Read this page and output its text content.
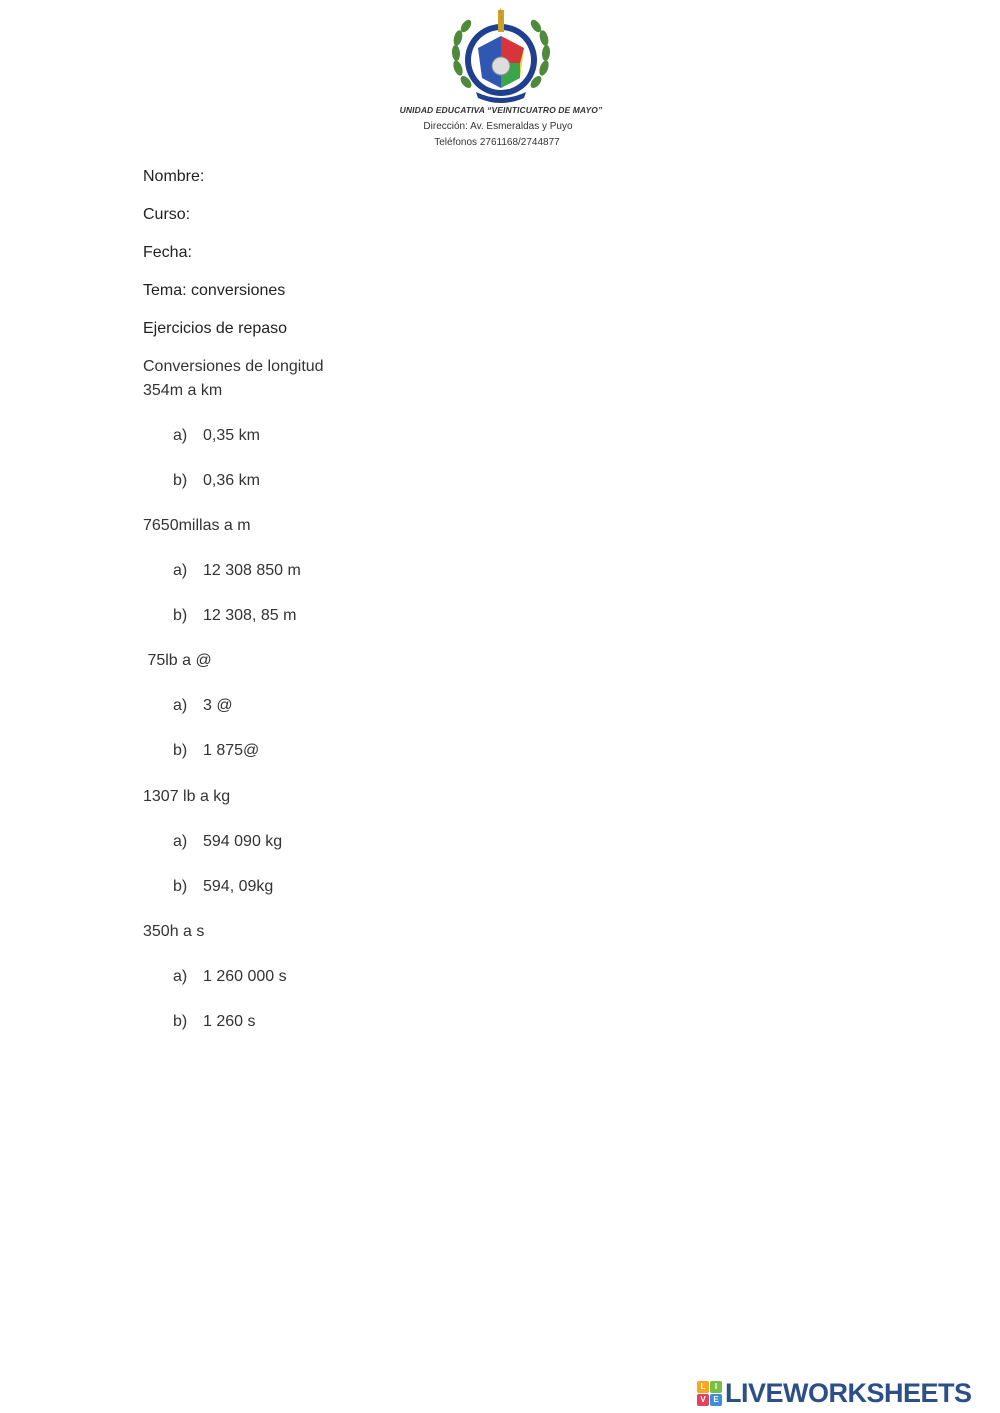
UNIDAD EDUCATIVA “VEINTICUATRO DE MAYO”
Dirección: Av. Esmeraldas y Puyo
Teléfonos 2761168/2744877
Nombre:
Curso:
Fecha:
Tema: conversiones
Ejercicios de repaso
Conversiones de longitud
354m a km
a) 0,35 km
b) 0,36 km
7650millas a m
a) 12 308 850 m
b) 12 308, 85 m
75lb a @
a) 3 @
b) 1 875@
1307 lb a kg
a) 594 090 kg
b) 594, 09kg
350h a s
a) 1 260 000 s
b) 1 260 s
L	I
V E LIVEWORKSHEETS
